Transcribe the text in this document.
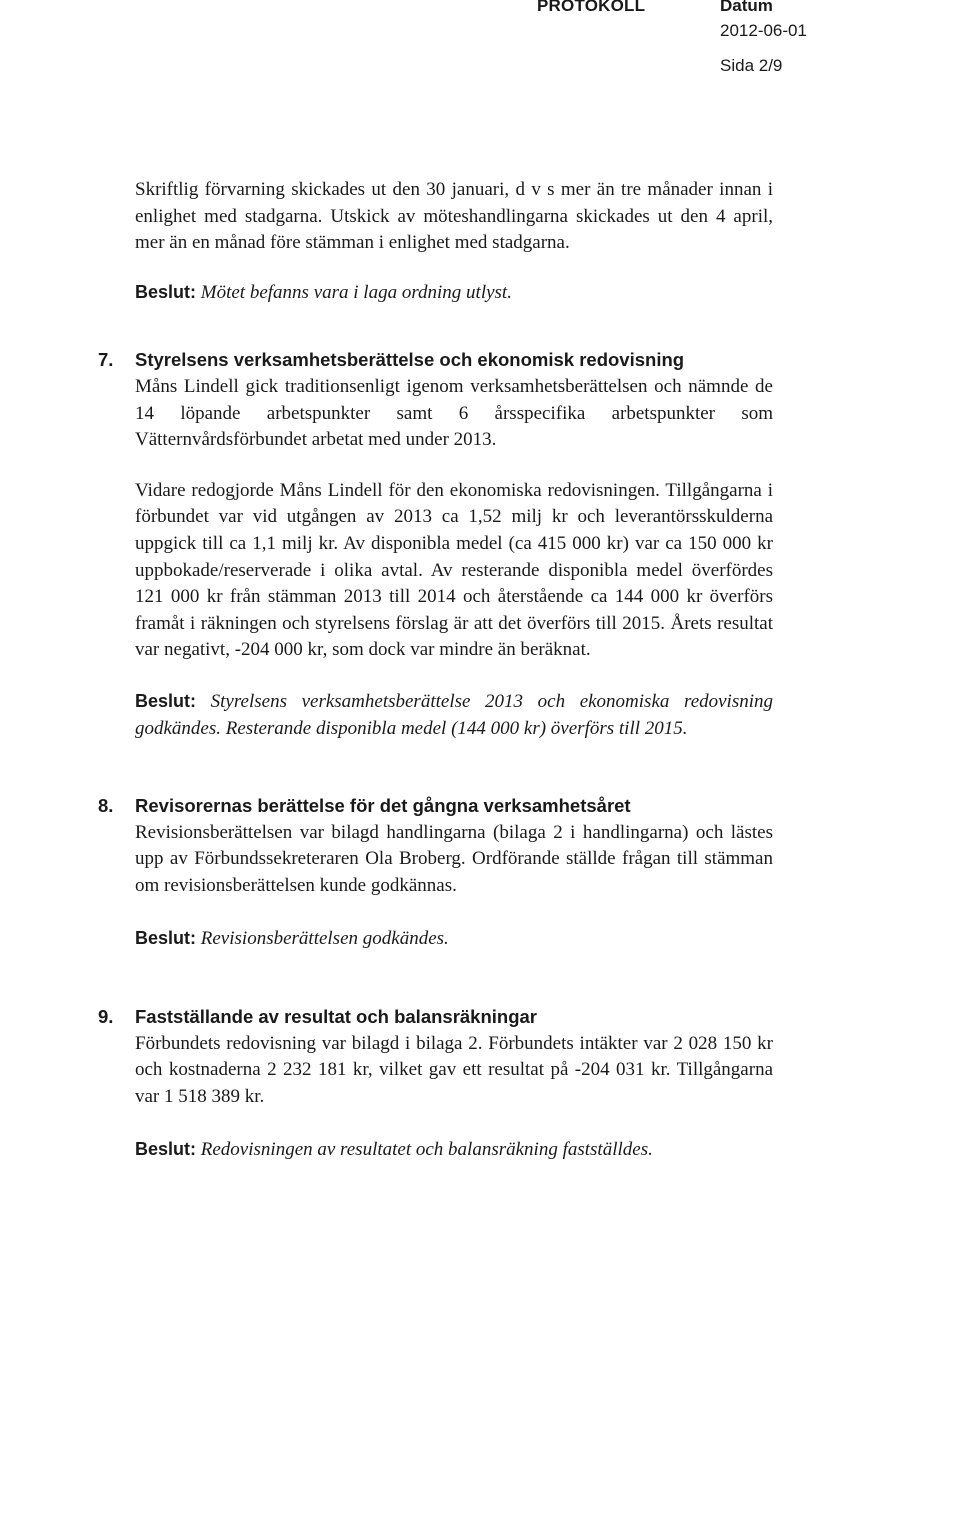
PROTOKOLL	Datum
2012-06-01
Sida 2/9

Skriftlig förvarning skickades ut den 30 januari, d v s mer än tre månader innan i enlighet med stadgarna. Utskick av möteshandlingarna skickades ut den 4 april, mer än en månad före stämman i enlighet med stadgarna.

Beslut: Mötet befanns vara i laga ordning utlyst.

7. Styrelsens verksamhetsberättelse och ekonomisk redovisning

Måns Lindell gick traditionsenligt igenom verksamhetsberättelsen och nämnde de 14 löpande arbetspunkter samt 6 årsspecifika arbetspunkter som Vätternvårdsförbundet arbetat med under 2013.

Vidare redogjorde Måns Lindell för den ekonomiska redovisningen. Tillgångarna i förbundet var vid utgången av 2013 ca 1,52 milj kr och leverantörsskulderna uppgick till ca 1,1 milj kr. Av disponibla medel (ca 415 000 kr) var ca 150 000 kr uppbokade/reserverade i olika avtal. Av resterande disponibla medel överfördes 121 000 kr från stämman 2013 till 2014 och återstående ca 144 000 kr överförs framåt i räkningen och styrelsens förslag är att det överförs till 2015. Årets resultat var negativt, -204 000 kr, som dock var mindre än beräknat.

Beslut: Styrelsens verksamhetsberättelse 2013 och ekonomiska redovisning godkändes. Resterande disponibla medel (144 000 kr) överförs till 2015.

8. Revisorernas berättelse för det gångna verksamhetsåret

Revisionsberättelsen var bilagd handlingarna (bilaga 2 i handlingarna) och lästes upp av Förbundssekreteraren Ola Broberg. Ordförande ställde frågan till stämman om revisionsberättelsen kunde godkännas.

Beslut: Revisionsberättelsen godkändes.

9. Fastställande av resultat och balansräkningar

Förbundets redovisning var bilagd i bilaga 2. Förbundets intäkter var 2 028 150 kr och kostnaderna 2 232 181 kr, vilket gav ett resultat på -204 031 kr. Tillgångarna var 1 518 389 kr.

Beslut: Redovisningen av resultatet och balansräkning fastställdes.
